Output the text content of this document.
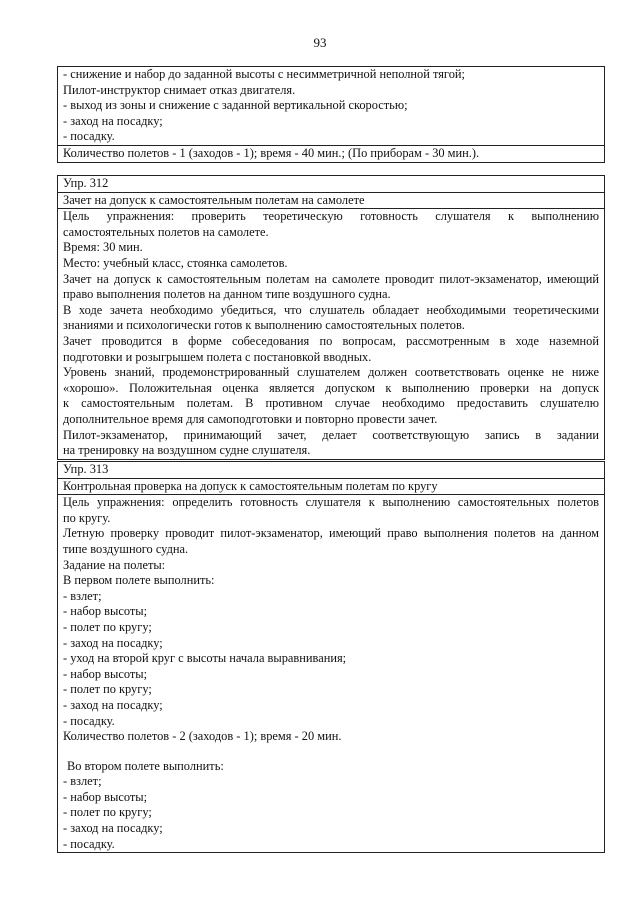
93
- снижение и набор до заданной высоты с несимметричной неполной тягой;
Пилот-инструктор снимает отказ двигателя.
- выход из зоны и снижение с заданной вертикальной скоростью;
- заход на посадку;
- посадку.
Количество полетов - 1 (заходов - 1); время - 40 мин.; (По приборам - 30 мин.).
Упр. 312
Зачет на допуск к самостоятельным полетам на самолете
Цель упражнения: проверить теоретическую готовность слушателя к выполнению
самостоятельных полетов на самолете.
Время: 30 мин.
Место: учебный класс, стоянка самолетов.
Зачет на допуск к самостоятельным полетам на самолете проводит пилот-экзаменатор, имеющий
право выполнения полетов на данном типе воздушного судна.
В ходе зачета необходимо убедиться, что слушатель обладает необходимыми теоретическими
знаниями и психологически готов к выполнению самостоятельных полетов.
Зачет проводится в форме собеседования по вопросам, рассмотренным в ходе наземной
подготовки и розыгрышем полета с постановкой вводных.
Уровень знаний, продемонстрированный слушателем должен соответствовать оценке не ниже
«хорошо». Положительная оценка является допуском к выполнению проверки на допуск
к самостоятельным полетам. В противном случае необходимо предоставить слушателю
дополнительное время для самоподготовки и повторно провести зачет.
Пилот-экзаменатор, принимающий зачет, делает соответствующую запись в задании
на тренировку на воздушном судне слушателя.
Упр. 313
Контрольная проверка на допуск к самостоятельным полетам по кругу
Цель упражнения: определить готовность слушателя к выполнению самостоятельных полетов
по кругу.
Летную проверку проводит пилот-экзаменатор, имеющий право выполнения полетов на данном
типе воздушного судна.
Задание на полеты:
В первом полете выполнить:
- взлет;
- набор высоты;
- полет по кругу;
- заход на посадку;
- уход на второй круг с высоты начала выравнивания;
- набор высоты;
- полет по кругу;
- заход на посадку;
- посадку.
Количество полетов - 2 (заходов - 1); время - 20 мин.
Во втором полете выполнить:
- взлет;
- набор высоты;
- полет по кругу;
- заход на посадку;
- посадку.
